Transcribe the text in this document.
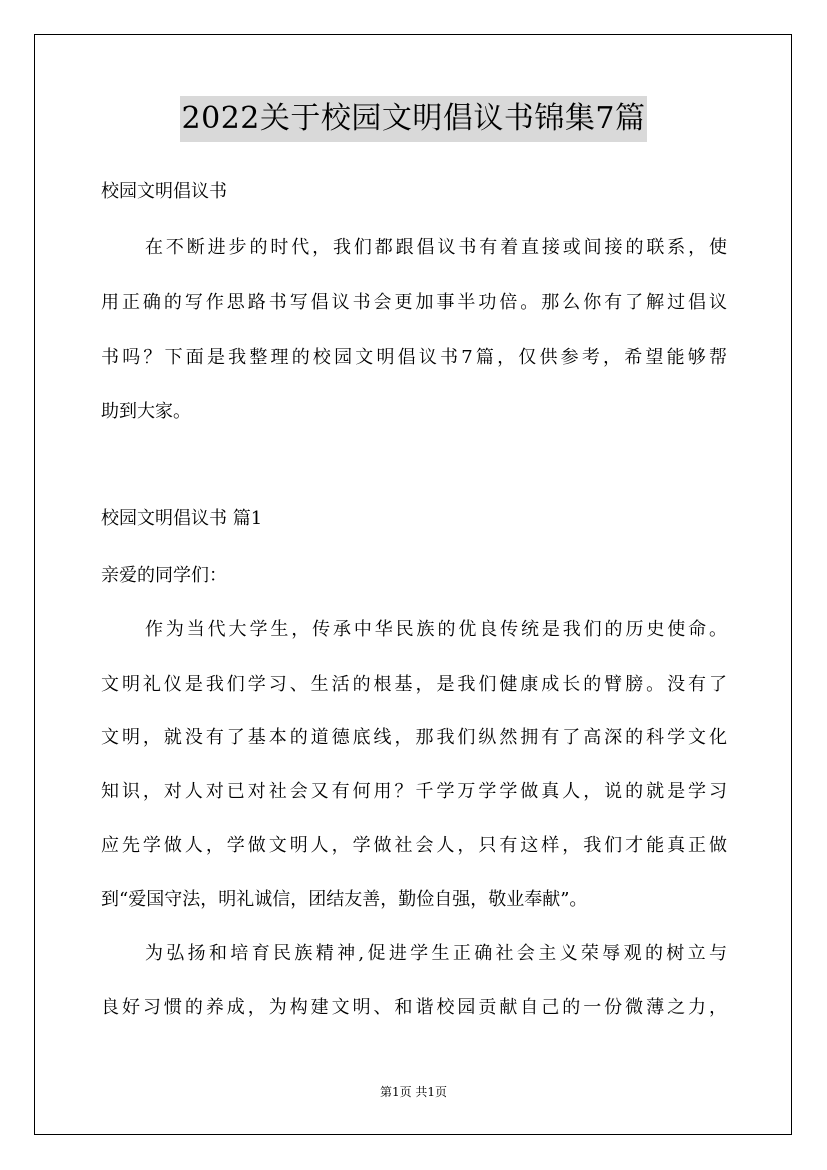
2022关于校园文明倡议书锦集7篇
校园文明倡议书
在不断进步的时代，我们都跟倡议书有着直接或间接的联系，使
用正确的写作思路书写倡议书会更加事半功倍。那么你有了解过倡议
书吗？下面是我整理的校园文明倡议书7篇，仅供参考，希望能够帮
助到大家。
校园文明倡议书 篇1
亲爱的同学们：
作为当代大学生，传承中华民族的优良传统是我们的历史使命。
文明礼仪是我们学习、生活的根基，是我们健康成长的臂膀。没有了
文明，就没有了基本的道德底线，那我们纵然拥有了高深的科学文化
知识，对人对已对社会又有何用？千学万学学做真人，说的就是学习
应先学做人，学做文明人，学做社会人，只有这样，我们才能真正做
到“爱国守法，明礼诚信，团结友善，勤俭自强，敬业奉献”。
为弘扬和培育民族精神,促进学生正确社会主义荣辱观的树立与
良好习惯的养成，为构建文明、和谐校园贡献自己的一份微薄之力，
第1页 共1页
